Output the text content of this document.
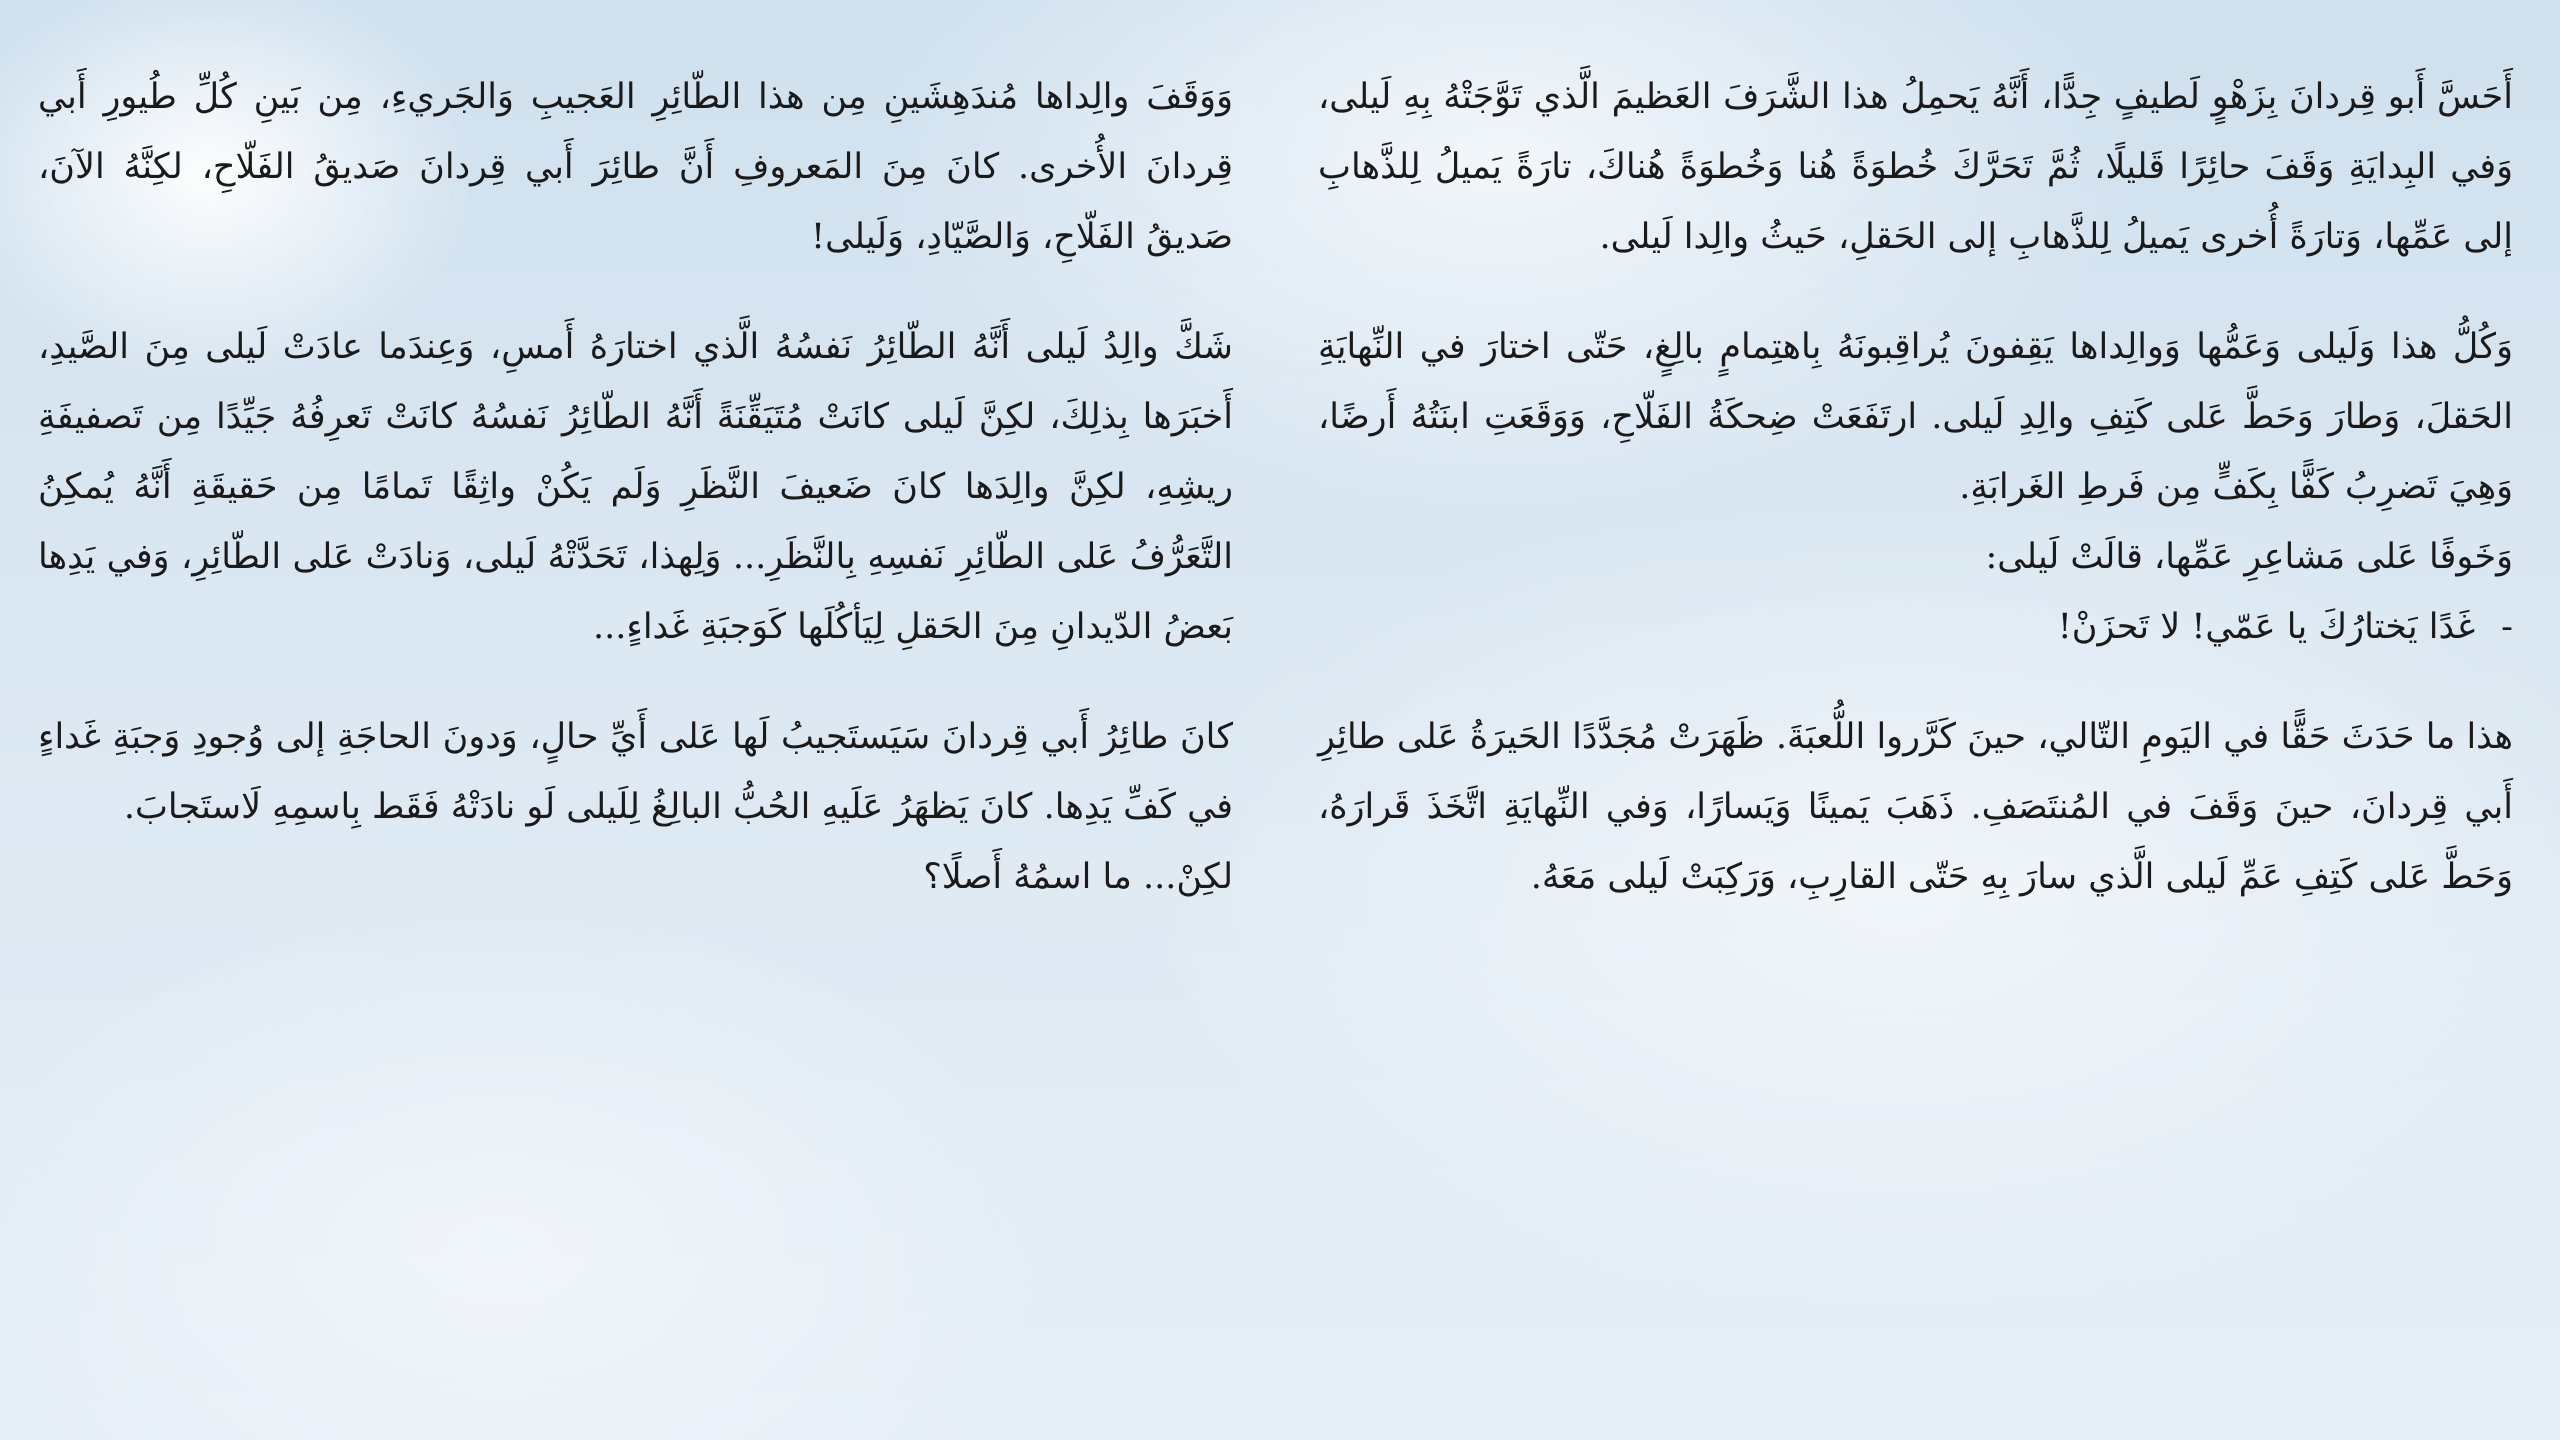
أَحَسَّ أَبو قِردانَ بِزَهْوٍ لَطيفٍ جِدًّا، أَنَّهُ يَحمِلُ هذا الشَّرَفَ العَظيمَ الَّذي تَوَّجَتْهُ بِهِ لَيلى، وَفي البِدايَةِ وَقَفَ حائِرًا قَليلًا، ثُمَّ تَحَرَّكَ خُطوَةً هُنا وَخُطوَةً هُناكَ، تارَةً يَميلُ لِلذَّهابِ إلى عَمِّها، وَتارَةً أُخرى يَميلُ لِلذَّهابِ إلى الحَقلِ، حَيثُ والِدا لَيلى.

وَكُلُّ هذا وَلَيلى وَعَمُّها وَوالِداها يَقِفونَ يُراقِبونَهُ بِاهتِمامٍ بالِغٍ، حَتّى اختارَ في النِّهايَةِ الحَقلَ، وَطارَ وَحَطَّ عَلى كَتِفِ والِدِ لَيلى. ارتَفَعَتْ ضِحكَةُ الفَلّاحِ، وَوَقَعَتِ ابنَتُهُ أَرضًا، وَهِيَ تَضرِبُ كَفًّا بِكَفٍّ مِن فَرطِ الغَرابَةِ.

وَخَوفًا عَلى مَشاعِرِ عَمِّها، قالَتْ لَيلى:

-
غَدًا يَختارُكَ يا عَمّي! لا تَحزَنْ!

هذا ما حَدَثَ حَقًّا في اليَومِ التّالي، حينَ كَرَّروا اللُّعبَةَ. ظَهَرَتْ مُجَدَّدًا الحَيرَةُ عَلى طائِرِ أَبي قِردانَ، حينَ وَقَفَ في المُنتَصَفِ. ذَهَبَ يَمينًا وَيَسارًا، وَفي النِّهايَةِ اتَّخَذَ قَرارَهُ، وَحَطَّ عَلى كَتِفِ عَمِّ لَيلى الَّذي سارَ بِهِ حَتّى القارِبِ، وَرَكِبَتْ لَيلى مَعَهُ.

وَوَقَفَ والِداها مُندَهِشَينِ مِن هذا الطّائِرِ العَجيبِ وَالجَريءِ، مِن بَينِ كُلِّ طُيورِ أَبي قِردانَ الأُخرى. كانَ مِنَ المَعروفِ أَنَّ طائِرَ أَبي قِردانَ صَديقُ الفَلّاحِ، لكِنَّهُ الآنَ، صَديقُ الفَلّاحِ، وَالصَّيّادِ، وَلَيلى!

شَكَّ والِدُ لَيلى أَنَّهُ الطّائِرُ نَفسُهُ الَّذي اختارَهُ أَمسِ، وَعِندَما عادَتْ لَيلى مِنَ الصَّيدِ، أَخبَرَها بِذلِكَ، لكِنَّ لَيلى كانَتْ مُتَيَقِّنَةً أَنَّهُ الطّائِرُ نَفسُهُ كانَتْ تَعرِفُهُ جَيِّدًا مِن تَصفيفَةِ ريشِهِ، لكِنَّ والِدَها كانَ ضَعيفَ النَّظَرِ وَلَم يَكُنْ واثِقًا تَمامًا مِن حَقيقَةِ أَنَّهُ يُمكِنُ التَّعَرُّفُ عَلى الطّائِرِ نَفسِهِ بِالنَّظَرِ... وَلِهذا، تَحَدَّتْهُ لَيلى، وَنادَتْ عَلى الطّائِرِ، وَفي يَدِها بَعضُ الدّيدانِ مِنَ الحَقلِ لِيَأكُلَها كَوَجبَةِ غَداءٍ...

كانَ طائِرُ أَبي قِردانَ سَيَستَجيبُ لَها عَلى أَيِّ حالٍ، وَدونَ الحاجَةِ إلى وُجودِ وَجبَةِ غَداءٍ في كَفِّ يَدِها. كانَ يَظهَرُ عَلَيهِ الحُبُّ البالِغُ لِلَيلى لَو نادَتْهُ فَقَط بِاسمِهِ لَاستَجابَ.

لكِنْ... ما اسمُهُ أَصلًا؟
